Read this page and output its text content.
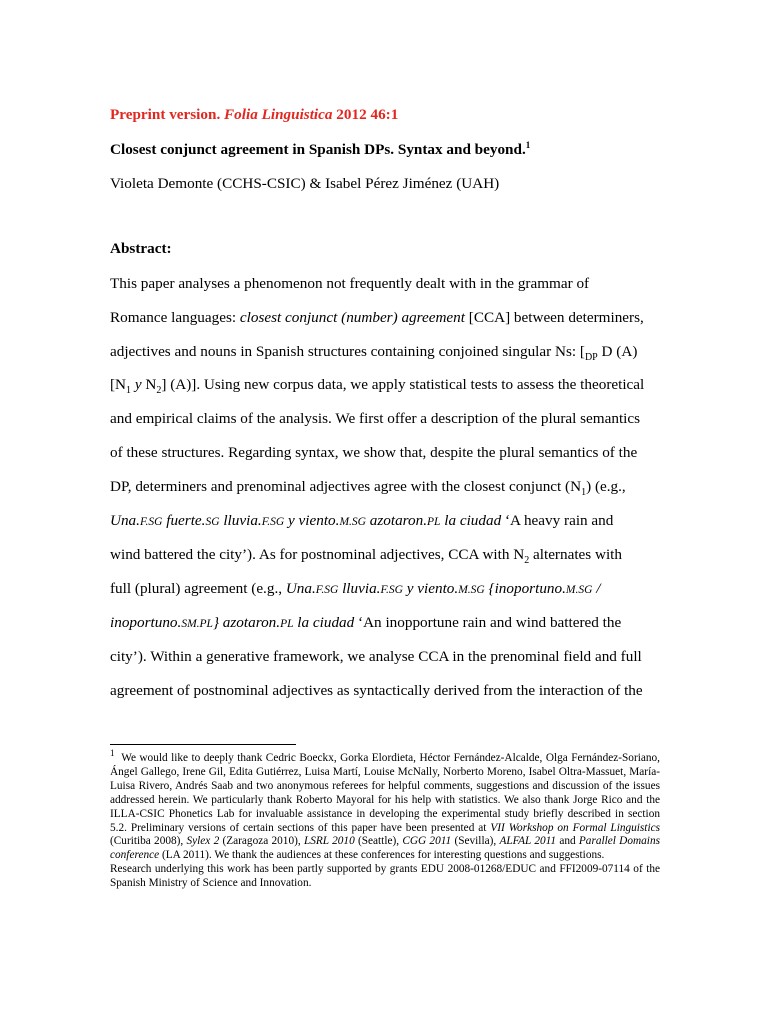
Preprint version. Folia Linguistica 2012 46:1
Closest conjunct agreement in Spanish DPs. Syntax and beyond.$^1$
Violeta Demonte (CCHS-CSIC) & Isabel Pérez Jiménez (UAH)
Abstract:
This paper analyses a phenomenon not frequently dealt with in the grammar of
Romance languages: closest conjunct (number) agreement [CCA] between determiners,
adjectives and nouns in Spanish structures containing conjoined singular Ns: [$_{DP}$ D (A)
[$N_1$ y $N_2$] (A)]. Using new corpus data, we apply statistical tests to assess the theoretical
and empirical claims of the analysis. We first offer a description of the plural semantics
of these structures. Regarding syntax, we show that, despite the plural semantics of the
DP, determiners and prenominal adjectives agree with the closest conjunct $(N_1)$ (e.g.,
Una.F.SG fuerte.SG lluvia.F.SG y viento.M.SG azotaron.PL la ciudad ‘A heavy rain and
wind battered the city’). As for postnominal adjectives, CCA with $N_2$ alternates with
full (plural) agreement (e.g., Una.F.SG lluvia.F.SG y viento.M.SG {inoportuno.M.SG /
inoportuno.SM.PL} azotaron.PL la ciudad ‘An inopportune rain and wind battered the
city’). Within a generative framework, we analyse CCA in the prenominal field and full
agreement of postnominal adjectives as syntactically derived from the interaction of the

$^1$ We would like to deeply thank Cedric Boeckx, Gorka Elordieta, Héctor Fernández-Alcalde, Olga Fernández-Soriano, Ángel Gallego, Irene Gil, Edita Gutiérrez, Luisa Martí, Louise McNally, Norberto Moreno, Isabel Oltra-Massuet, María-Luisa Rivero, Andrés Saab and two anonymous referees for helpful comments, suggestions and discussion of the issues addressed herein. We particularly thank Roberto Mayoral for his help with statistics. We also thank Jorge Rico and the ILLA-CSIC Phonetics Lab for invaluable assistance in developing the experimental study briefly described in section 5.2. Preliminary versions of certain sections of this paper have been presented at VII Workshop on Formal Linguistics (Curitiba 2008), Sylex 2 (Zaragoza 2010), LSRL 2010 (Seattle), CGG 2011 (Sevilla), ALFAL 2011 and Parallel Domains conference (LA 2011). We thank the audiences at these conferences for interesting questions and suggestions.

Research underlying this work has been partly supported by grants EDU 2008-01268/EDUC and FFI2009-07114 of the Spanish Ministry of Science and Innovation.
